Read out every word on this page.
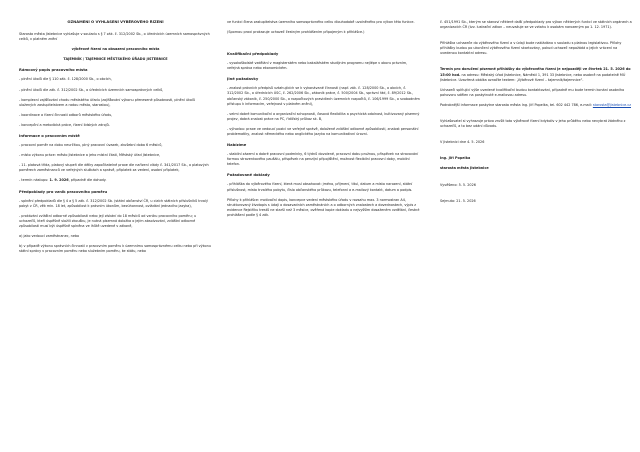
OZNÁMENÍ O VYHLÁŠENÍ VÝBĚROVÉHO ŘÍZENÍ

Starosta města Jistebnice vyhlašuje v souladu s § 7 zák. č. 312/2002 Sb., o úřednících územních samosprávných celků, v platném znění

výběrové řízení na obsazení pracovního místa

TAJEMNÍK / TAJEMNICE MĚSTSKÉHO ÚŘADU JISTEBNICE

Rámcový popis pracovního místa

- plnění úkolů dle § 110 zák. č. 128/2000 Sb., o obcích,

- plnění úkolů dle zák. č. 312/2002 Sb., o úřednících územních samosprávných celků,

- komplexní zajišťování chodu městského úřadu (zajišťování výkonu přenesené působnosti, plnění úkolů uložených zastupitelstvem a radou města, starostou),

- koordinace a řízení činnosti odborů městského úřadu,

- koncepční a metodická práce, řízení lidských zdrojů.

Informace o pracovním místě

- pracovní poměr na dobu neurčitou, plný pracovní úvazek, zkušební doba 6 měsíců,

- místo výkonu práce: město Jistebnice a jeho místní části, Městský úřad Jistebnice,

- 11. platová třída, platový stupeň dle délky započitatelné praxe dle nařízení vlády č. 341/2017 Sb., o platových poměrech zaměstnanců ve veřejných službách a správě, příplatek za vedení, osobní příplatek,

- termín nástupu: 1. 9. 2026, případně dle dohody.

Předpoklady pro vznik pracovního poměru

- splnění předpokladů dle § 4 a § 5 zák. č. 312/2002 Sb. (státní občanství ČR, u cizích státních příslušníků trvalý pobyt v ČR, věk min. 18 let, způsobilost k právním úkonům, bezúhonnost, ovládání jednacího jazyka),

- prokázání zvláštní odborné způsobilosti nebo její získání do 18 měsíců od vzniku pracovního poměru; u uchazečů, kteří úspěšně složili zkoušku, je nutná písemná doložka o jejím absolvování, zvláštní odborné způsobilosti musí být úspěšně splněna ve lhůtě uvedené v zákoně,

a) jako vedoucí zaměstnanec, nebo

b) v případě výkonu správních činností v pracovním poměru k územnímu samosprávnému celku nebo při výkonu státní správy v pracovním poměru nebo služebním poměru, ke státu, nebo

ve funkci člena zastupitelstva územního samosprávného celku dlouhodobě uvolněného pro výkon této funkce.

(Spornou praxi prokazuje uchazeč čestným prohlášením připojeným k přihlášce.)

Kvalifikační předpoklady

- vysokoškolské vzdělání v magisterském nebo bakalářském studijním programu nejlépe v oboru právním, veřejná správa nebo ekonomickém.

Jiné požadavky

- znalost právních předpisů vztahujících se k vykonávané činnosti (např. zák. č. 128/2000 Sb., o obcích, č. 312/2002 Sb., o úřednících ÚSC, č. 262/2006 Sb., zákoník práce, č. 500/2004 Sb., správní řád, č. 89/2012 Sb., občanský zákoník, č. 250/2000 Sb., o rozpočtových pravidlech územních rozpočtů, č. 106/1999 Sb., o svobodném přístupu k informacím, veřejnost v platném znění),

- velmi dobré komunikační a organizační schopnosti, časová flexibilita a psychická odolnost, kultivovaný písemný projev, dobrá znalost práce na PC, řidičský průkaz sk. B,

- výhodou: praxe ve vedoucí pozici ve veřejné správě, doložené zvláštní odborné způsobilosti, znalost personální problematiky, znalost německého nebo anglického jazyka na komunikativní úrovni.

Nabízíme

- stabilní zázemí a dobré pracovní podmínky, 6 týdnů dovolené, pracovní dobu pružnou, příspěvek na stravování formou stravenkového paušálu, příspěvek na penzijní připojištění, možnost flexibilní pracovní doby, mobilní telefon.

Požadované doklady

- přihláška do výběrového řízení, která musí obsahovat: jméno, příjmení, titul, datum a místo narození, státní příslušnost, místo trvalého pobytu, číslo občanského průkazu, telefonní a e-mailový kontakt, datum a podpis.

Přílohy k přihlášce: motivační dopis, koncepce vedení městského úřadu v rozsahu max. 3 normostran A4, strukturovaný životopis s údaji o dosavadních zaměstnáních a o odborných znalostech a dovednostech, výpis z evidence Rejstříku trestů ne starší než 3 měsíce, ověřená kopie dokladu o nejvyšším dosaženém vzdělání, čestné prohlášení podle § 4 zák.

č. 451/1991 Sb., kterým se stanoví některé další předpoklady pro výkon některých funkcí ve státních orgánech a organizacích ČR (tzv. lustrační zákon – neuvažuje se ve vztahu k osobám narozeným po 1. 12. 1971).

Přihláška uchazeče do výběrového řízení a v údaji bude nakládáno v souladu s platnou legislativou. Přílohy přihlášky budou po ukončení výběrového řízení skartovány, pokud uchazeč nepožádá o jejich vrácení na uvedenou kontaktní adresu.

Termín pro doručení písemné přihlášky do výběrového řízení je nejpozději ve čtvrtek 21. 5. 2026 do 15:00 hod. na adresu: Městský úřad Jistebnice, Náměstí 1, 391 33 Jistebnice, nebo osobně na podatelně MÚ Jistebnice. Uzavřená obálka označte textem: „Výběrové řízení – tajemník/tajemnice“.

Uchazeči splňující výše uvedené kvalifikační budou kontaktováni, případně mu bude termín konání osobního pohovoru sdělen na poskytnuté e-mailovou adresu.

Podrobnější informace poskytne starosta města Ing. Jiří Popelka, tel. 602 442 786, e-mail: starosta@jistebnice.cz

Vyhlašovatel si vyhrazuje právo zrušit toto výběrové řízení kdykoliv v jeho průběhu nebo nevybrat žádného z uchazečů, a to bez udání důvodu.

V Jistebnici dne 4. 5. 2026

Ing. Jiří Popelka

starosta města Jistebnice

Vyvěšeno: 5. 5. 2026

Sejmuto: 21. 5. 2026
